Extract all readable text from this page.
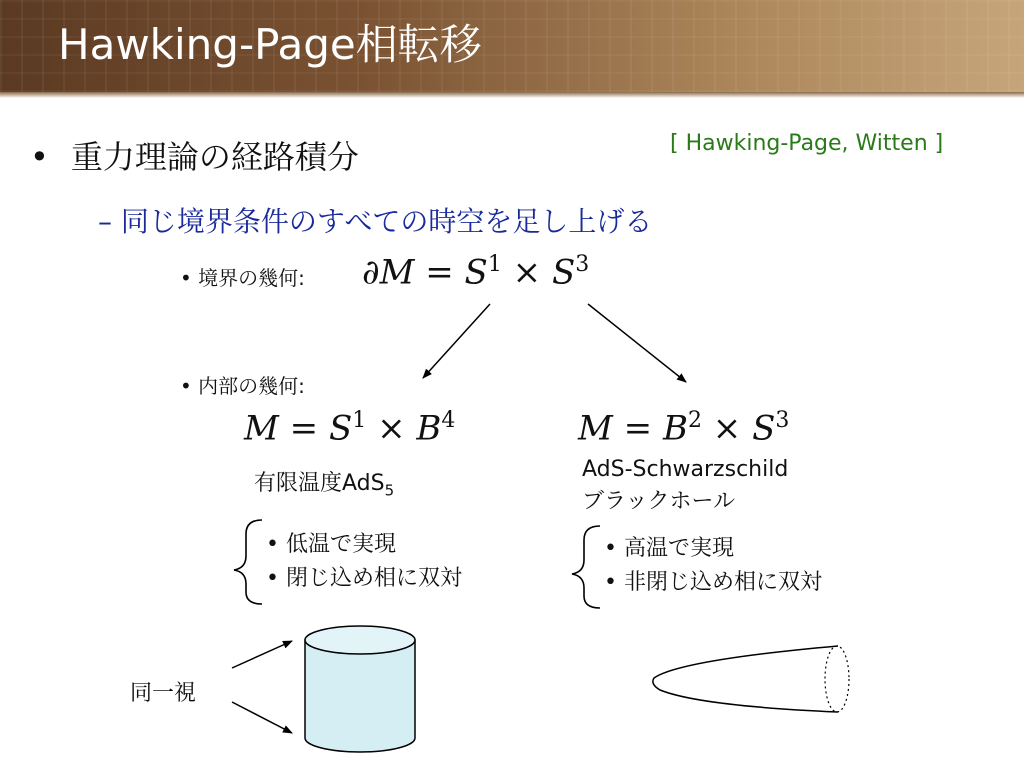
Hawking-Page相転移
• 重力理論の経路積分	[ Hawking-Page, Witten ]
– 同じ境界条件のすべての時空を足し上げる
• 境界の幾何: $\partial M = S^1 \times S^3$
• 内部の幾何:
$M = S^1 \times B^4$	$M = B^2 \times S^3$
有限温度AdS$_5$
AdS-Schwarzschild
ブラックホール
• 低温で実現
• 閉じ込め相に双対
• 高温で実現
• 非閉じ込め相に双対
同一視
